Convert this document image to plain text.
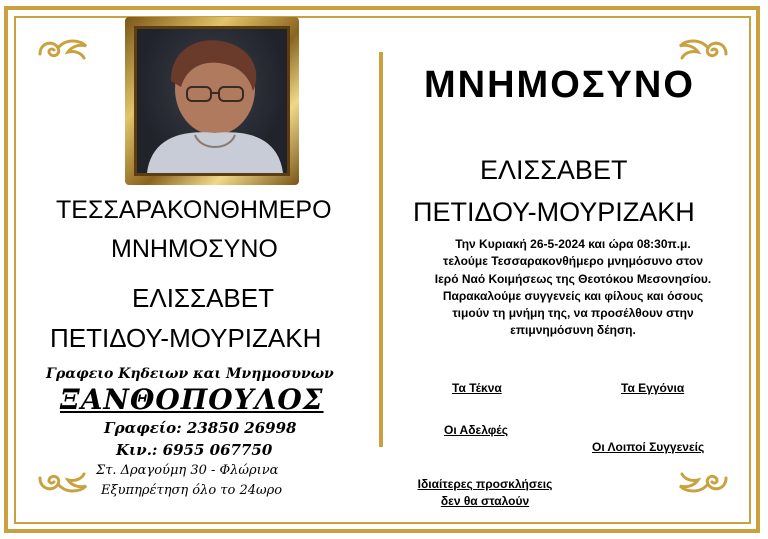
ΤΕΣΣΑΡΑΚΟΝΘΗΜΕΡΟ
ΜΝΗΜΟΣΥΝΟ
ΕΛΙΣΣΑΒΕΤ
ΠΕΤΙΔΟΥ-ΜΟΥΡΙΖΑΚΗ
Γραφειο Κηδειων και Μνημοσυνων
ΞΑΝΘΟΠΟΥΛΟΣ
Γραφείο: 23850 26998
Κιν.: 6955 067750
Στ. Δραγούμη 30 - Φλώρινα
Εξυπηρέτηση όλο το 24ωρο
ΜΝΗΜΟΣΥΝΟ
ΕΛΙΣΣΑΒΕΤ
ΠΕΤΙΔΟΥ-ΜΟΥΡΙΖΑΚΗ
Την Κυριακή 26-5-2024 και ώρα 08:30π.μ.
τελούμε Τεσσαρακονθήμερο μνημόσυνο στον
Ιερό Ναό Κοιμήσεως της Θεοτόκου Μεσονησίου.
Παρακαλούμε συγγενείς και φίλους και όσους
τιμούν τη μνήμη της, να προσέλθουν στην
επιμνημόσυνη δέηση.
Τα Τέκνα	Τα Εγγόνια
Οι Αδελφές
Οι Λοιποί Συγγενείς
Ιδιαίτερες προσκλήσεις
δεν θα σταλούν
